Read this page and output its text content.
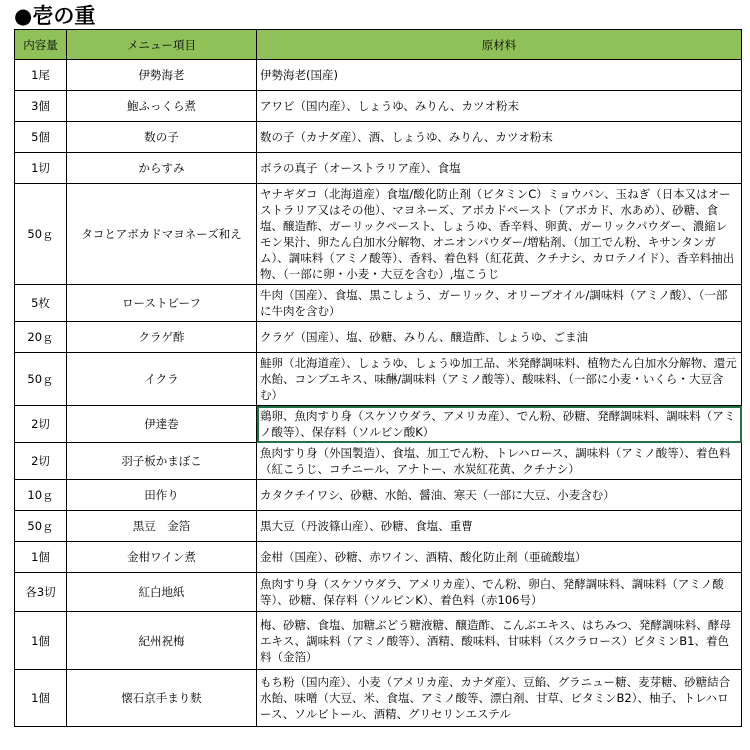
●壱の重
内容量	メニュー項目	原材料
1尾	伊勢海老	伊勢海老(国産)
3個	鮑ふっくら煮	アワビ（国内産）、しょうゆ、みりん、カツオ粉末
5個	数の子	数の子（カナダ産）、酒、しょうゆ、みりん、カツオ粉末
1切	からすみ	ボラの真子（オーストラリア産）、食塩
50ｇ	タコとアボカドマヨネーズ和え	ヤナギダコ（北海道産）食塩/酸化防止剤（ビタミンC）ミョウバン、玉ねぎ（日本又はオーストラリア又はその他）、マヨネーズ、アボカドペースト（アボカド、水あめ）、砂糖、食塩、醸造酢、ガーリックペースト、しょうゆ、香辛料、卵黄、ガーリックパウダー、濃縮レモン果汁、卵たん白加水分解物、オニオンパウダー/増粘剤、（加工でん粉、キサンタンガム）、調味料（アミノ酸等）、香料、着色料（紅花黄、クチナシ、カロテノイド）、香辛料抽出物、（一部に卵・小麦・大豆を含む）,塩こうじ
5枚	ローストビーフ	牛肉（国産）、食塩、黒こしょう、ガーリック、オリーブオイル/調味料（アミノ酸）、（一部に牛肉を含む）
20ｇ	クラゲ酢	クラゲ（国産）、塩、砂糖、みりん、醸造酢、しょうゆ、ごま油
50ｇ	イクラ	鮭卵（北海道産）、しょうゆ、しょうゆ加工品、米発酵調味料、植物たん白加水分解物、還元水飴、コンブエキス、味醂/調味料（アミノ酸等）、酸味料、（一部に小麦・いくら・大豆含む）
2切	伊達巻	鶏卵、魚肉すり身（スケソウダラ、アメリカ産）、でん粉、砂糖、発酵調味料、調味料（アミノ酸等）、保存料（ソルビン酸K）
2切	羽子板かまぼこ	魚肉すり身（外国製造）、食塩、加工でん粉、トレハロース、調味料（アミノ酸等）、着色料（紅こうじ、コチニール、アナトー、水炭紅花黄、クチナシ）
10ｇ	田作り	カタクチイワシ、砂糖、水飴、醤油、寒天（一部に大豆、小麦含む）
50ｇ	黒豆　金箔	黒大豆（丹波篠山産）、砂糖、食塩、重曹
1個	金柑ワイン煮	金柑（国産）、砂糖、赤ワイン、酒精、酸化防止剤（亜硫酸塩）
各3切	紅白地紙	魚肉すり身（スケソウダラ、アメリカ産）、でん粉、卵白、発酵調味料、調味料（アミノ酸等）、砂糖、保存料（ソルビンK）、着色料（赤106号）
1個	紀州祝梅	梅、砂糖、食塩、加糖ぶどう糖液糖、醸造酢、こんぶエキス、はちみつ、発酵調味料、酵母エキス、調味料（アミノ酸等）、酒精、酸味料、甘味料（スクラロース）ビタミンB1、着色料（金箔）
1個	懐石京手まり麩	もち粉（国内産）、小麦（アメリカ産、カナダ産）、豆餡、グラニュー糖、麦芽糖、砂糖結合水飴、味噌（大豆、米、食塩、アミノ酸等、漂白剤、甘草、ビタミンB2）、柚子、トレハロース、ソルビトール、酒精、グリセリンエステル
